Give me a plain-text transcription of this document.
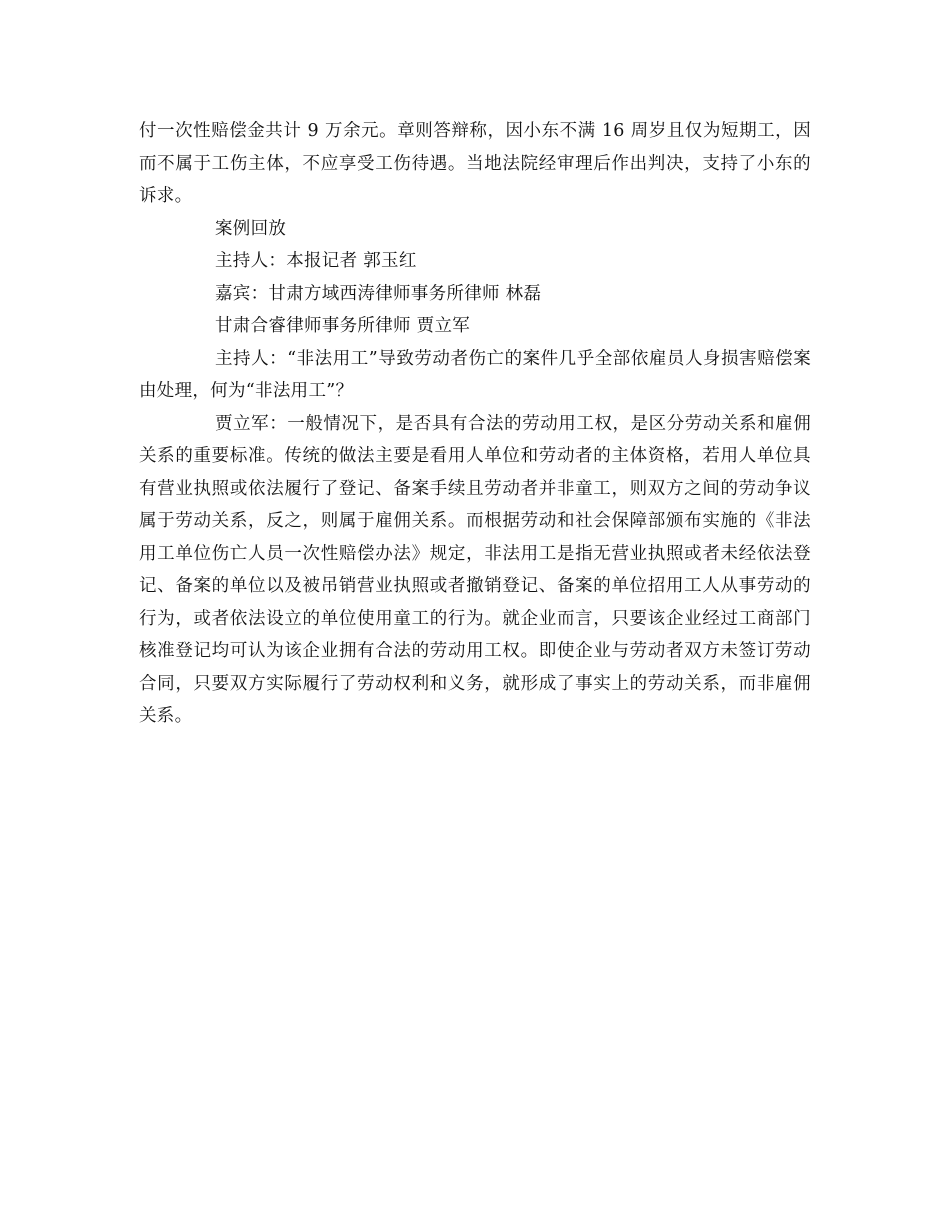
付一次性赔偿金共计 9 万余元。章则答辩称，因小东不满 16 周岁且仅为短期工，因而不属于工伤主体，不应享受工伤待遇。当地法院经审理后作出判决，支持了小东的诉求。

案例回放

主持人：本报记者 郭玉红

嘉宾：甘肃方域西涛律师事务所律师 林磊

甘肃合睿律师事务所律师 贾立军

主持人：“非法用工”导致劳动者伤亡的案件几乎全部依雇员人身损害赔偿案由处理，何为“非法用工”？

贾立军：一般情况下，是否具有合法的劳动用工权，是区分劳动关系和雇佣关系的重要标准。传统的做法主要是看用人单位和劳动者的主体资格，若用人单位具有营业执照或依法履行了登记、备案手续且劳动者并非童工，则双方之间的劳动争议属于劳动关系，反之，则属于雇佣关系。而根据劳动和社会保障部颁布实施的《非法用工单位伤亡人员一次性赔偿办法》规定，非法用工是指无营业执照或者未经依法登记、备案的单位以及被吊销营业执照或者撤销登记、备案的单位招用工人从事劳动的行为，或者依法设立的单位使用童工的行为。就企业而言，只要该企业经过工商部门核准登记均可认为该企业拥有合法的劳动用工权。即使企业与劳动者双方未签订劳动合同，只要双方实际履行了劳动权利和义务，就形成了事实上的劳动关系，而非雇佣关系。
